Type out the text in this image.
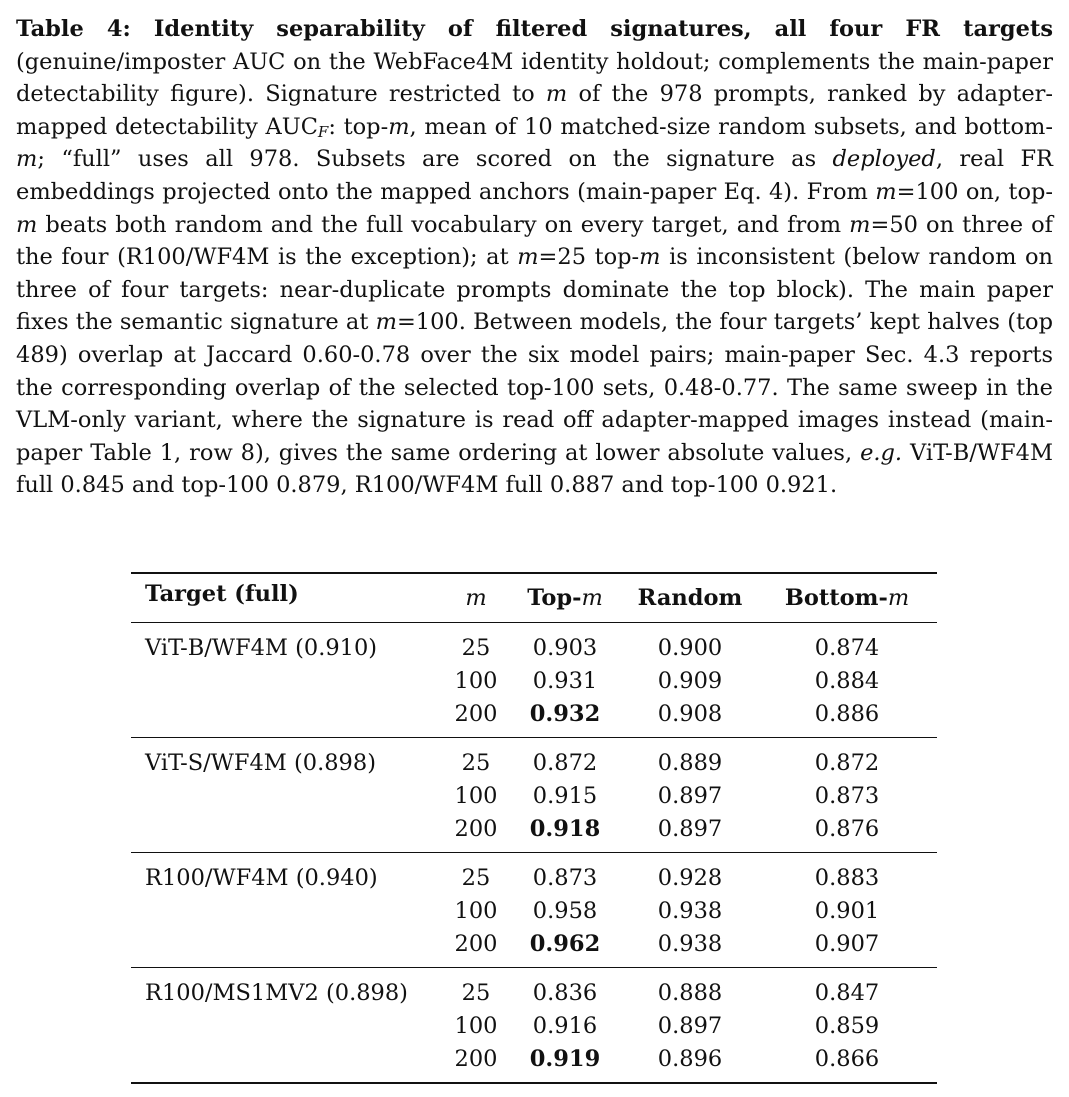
Table 4: Identity separability of filtered signatures, all four FR targets (genuine/imposter AUC on the WebFace4M identity holdout; complements the main-paper detectability figure). Signature restricted to m of the 978 prompts, ranked by adapter-mapped detectability $AUC_F$: top-m, mean of 10 matched-size random subsets, and bottom-m; “full” uses all 978. Subsets are scored on the signature as deployed, real FR embeddings projected onto the mapped anchors (main-paper Eq. 4). From m=100 on, top-m beats both random and the full vocabulary on every target, and from m=50 on three of the four (R100/WF4M is the exception); at m=25 top-m is inconsistent (below random on three of four targets: near-duplicate prompts dominate the top block). The main paper fixes the semantic signature at m=100. Between models, the four targets’ kept halves (top 489) overlap at Jaccard 0.60-0.78 over the six model pairs; main-paper Sec. 4.3 reports the corresponding overlap of the selected top-100 sets, 0.48-0.77. The same sweep in the VLM-only variant, where the signature is read off adapter-mapped images instead (main-paper Table 1, row 8), gives the same ordering at lower absolute values, e.g. ViT-B/WF4M full 0.845 and top-100 0.879, R100/WF4M full 0.887 and top-100 0.921.

Target (full)	m	Top-m	Random	Bottom-m
ViT-B/WF4M (0.910)	25	0.903	0.900	0.874
	100	0.931	0.909	0.884
	200	0.932	0.908	0.886
ViT-S/WF4M (0.898)	25	0.872	0.889	0.872
	100	0.915	0.897	0.873
	200	0.918	0.897	0.876
R100/WF4M (0.940)	25	0.873	0.928	0.883
	100	0.958	0.938	0.901
	200	0.962	0.938	0.907
R100/MS1MV2 (0.898)	25	0.836	0.888	0.847
	100	0.916	0.897	0.859
	200	0.919	0.896	0.866
